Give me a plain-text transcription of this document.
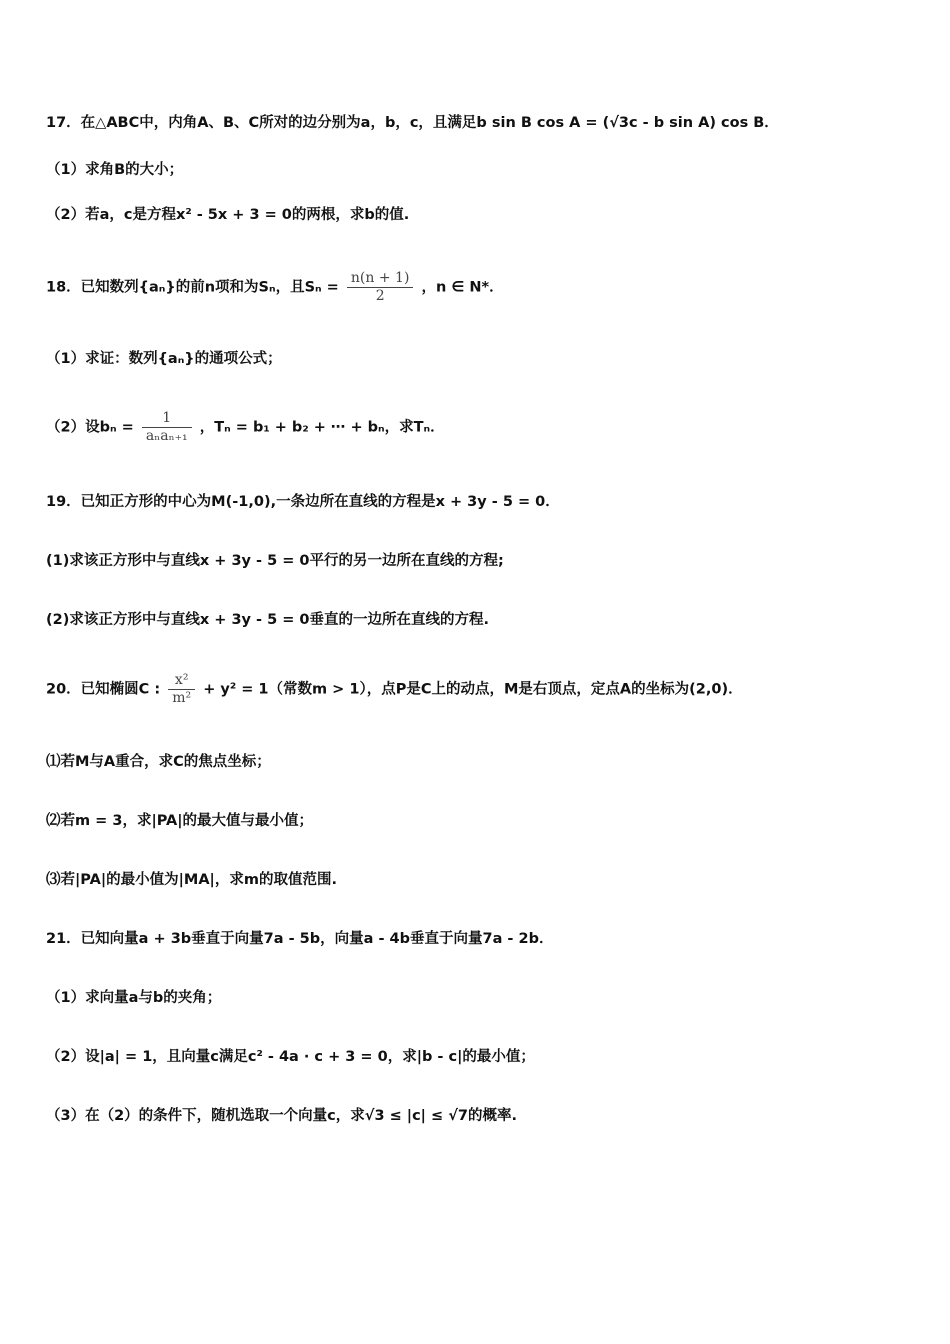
17．在△ABC中，内角A、B、C所对的边分别为a，b，c，且满足b sin B cos A = (√3c - b sin A) cos B．
（1）求角B的大小；
（2）若a，c是方程x² - 5x + 3 = 0的两根，求b的值.
18．已知数列{aₙ}的前n项和为Sₙ，且$S_n = \frac{n(n + 1)}{2}$ ，n ∈ N*．
（1）求证：数列{aₙ}的通项公式；
（2）设$b_n = \frac{1}{\text{aₙaₙ₊₁}}$ ，Tₙ = b₁ + b₂ + ⋯ + bₙ，求Tₙ．
19．已知正方形的中心为M(-1,0),一条边所在直线的方程是x + 3y - 5 = 0．
(1)求该正方形中与直线x + 3y - 5 = 0平行的另一边所在直线的方程;
(2)求该正方形中与直线x + 3y - 5 = 0垂直的一边所在直线的方程.
20．已知椭圆C : $\frac{\text{x²}}{\text{m²}} + y^2 = 1$（常数m > 1），点P是C上的动点，M是右顶点，定点A的坐标为(2,0)．
⑴若M与A重合，求C的焦点坐标；
⑵若m = 3，求|PA|的最大值与最小值；
⑶若|PA|的最小值为|MA|，求m的取值范围.
21．已知向量a + 3b垂直于向量7a - 5b，向量a - 4b垂直于向量7a - 2b．
（1）求向量a与b的夹角；
（2）设|a| = 1，且向量c满足c² - 4a · c + 3 = 0，求|b - c|的最小值；
（3）在（2）的条件下，随机选取一个向量c，求√3 ≤ |c| ≤ √7的概率.
